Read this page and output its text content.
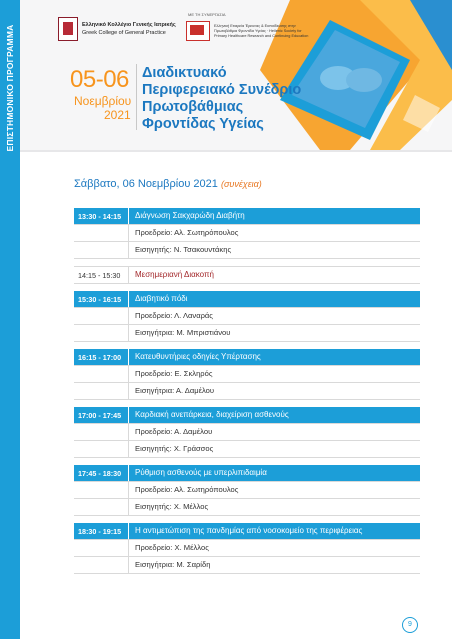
ΕΠΙΣΤΗΜΟΝΙΚΟ ΠΡΟΓΡΑΜΜΑ	Ελληνικό Κολλέγιο Γενικής Ιατρικής
Greek College of General Practice
ΜΕ ΤΗ ΣΥΝΕΡΓΑΣΙΑ
Ελληνική Εταιρεία Έρευνας & Εκπαίδευσης στην Πρωτοβάθμια Φροντίδα Υγείας · Hellenic Society for Primary Healthcare Research and Continuing Education
05-06
Νοεμβρίου
2021
Διαδικτυακό
Περιφερειακό Συνέδριο
Πρωτοβάθμιας
Φροντίδας Υγείας
Σάββατο, 06 Νοεμβρίου 2021 (συνέχεια)
13:30 - 14:15	Διάγνωση Σακχαρώδη Διαβήτη
Προεδρείο: Αλ. Σωτηρόπουλος
Εισηγητής: Ν. Τσακουντάκης
14:15 - 15:30	Μεσημεριανή Διακοπή
15:30 - 16:15	Διαβητικό πόδι
Προεδρείο: Λ. Λαναράς
Εισηγήτρια: Μ. Μπριστιάνου
16:15 - 17:00	Κατευθυντήριες οδηγίες Υπέρτασης
Προεδρείο: Ε. Σκληρός
Εισηγήτρια: Α. Δαμέλου
17:00 - 17:45	Καρδιακή ανεπάρκεια, διαχείριση ασθενούς
Προεδρείο: Α. Δαμέλου
Εισηγητής: Χ. Γράσσος
17:45 - 18:30	Ρύθμιση ασθενούς με υπερλιπιδαιμία
Προεδρείο: Αλ. Σωτηρόπουλος
Εισηγητής: Χ. Μέλλος
18:30 - 19:15	Η αντιμετώπιση της πανδημίας από νοσοκομείο της περιφέρειας
Προεδρείο: Χ. Μέλλος
Εισηγήτρια: Μ. Σαρίδη
9
